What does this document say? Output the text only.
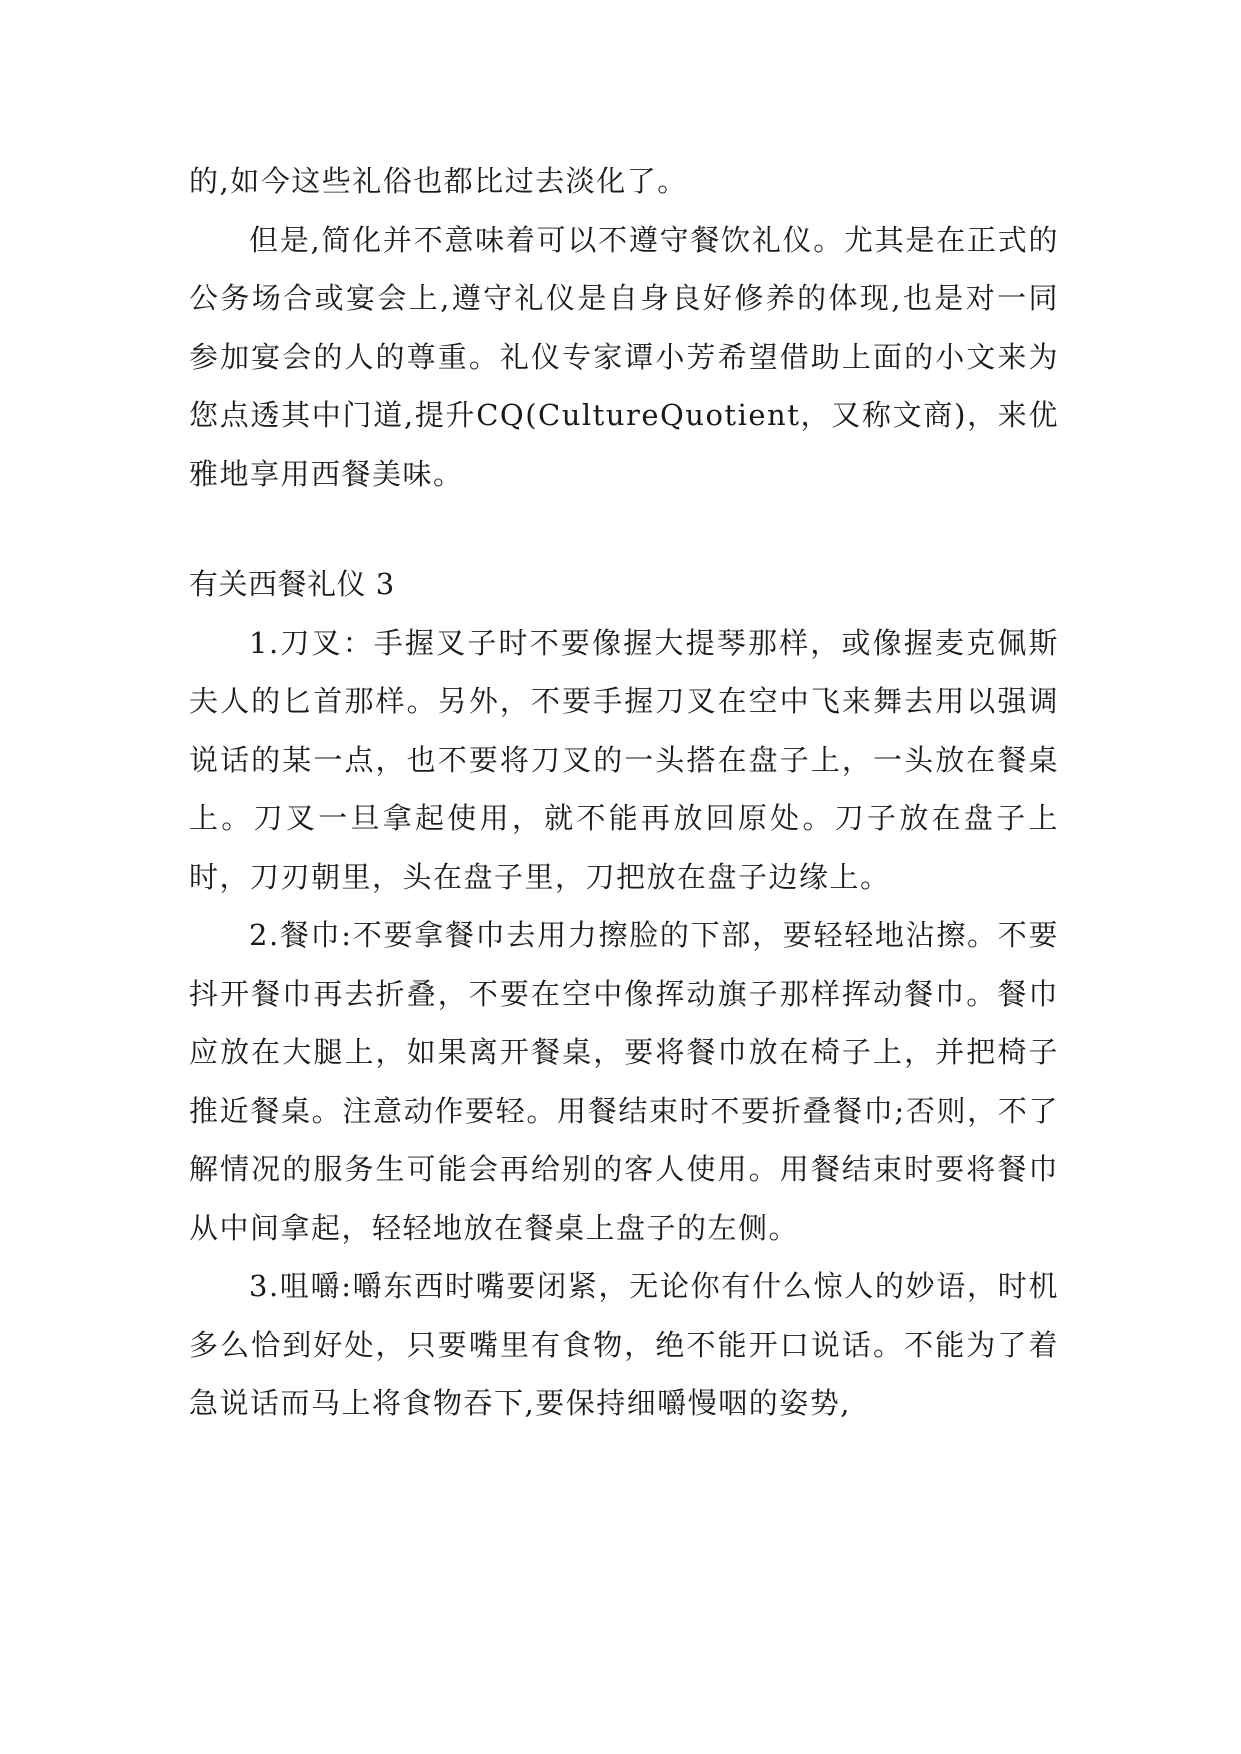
的,如今这些礼俗也都比过去淡化了。

但是,简化并不意味着可以不遵守餐饮礼仪。尤其是在正式的公务场合或宴会上,遵守礼仪是自身良好修养的体现,也是对一同参加宴会的人的尊重。礼仪专家谭小芳希望借助上面的小文来为您点透其中门道,提升CQ(CultureQuotient，又称文商)，来优雅地享用西餐美味。

有关西餐礼仪 3

1.刀叉：手握叉子时不要像握大提琴那样，或像握麦克佩斯夫人的匕首那样。另外，不要手握刀叉在空中飞来舞去用以强调说话的某一点，也不要将刀叉的一头搭在盘子上，一头放在餐桌上。刀叉一旦拿起使用，就不能再放回原处。刀子放在盘子上时，刀刃朝里，头在盘子里，刀把放在盘子边缘上。

2.餐巾:不要拿餐巾去用力擦脸的下部，要轻轻地沾擦。不要抖开餐巾再去折叠，不要在空中像挥动旗子那样挥动餐巾。餐巾应放在大腿上，如果离开餐桌，要将餐巾放在椅子上，并把椅子推近餐桌。注意动作要轻。用餐结束时不要折叠餐巾;否则，不了解情况的服务生可能会再给别的客人使用。用餐结束时要将餐巾从中间拿起，轻轻地放在餐桌上盘子的左侧。

3.咀嚼:嚼东西时嘴要闭紧，无论你有什么惊人的妙语，时机多么恰到好处，只要嘴里有食物，绝不能开口说话。不能为了着急说话而马上将食物吞下,要保持细嚼慢咽的姿势,
